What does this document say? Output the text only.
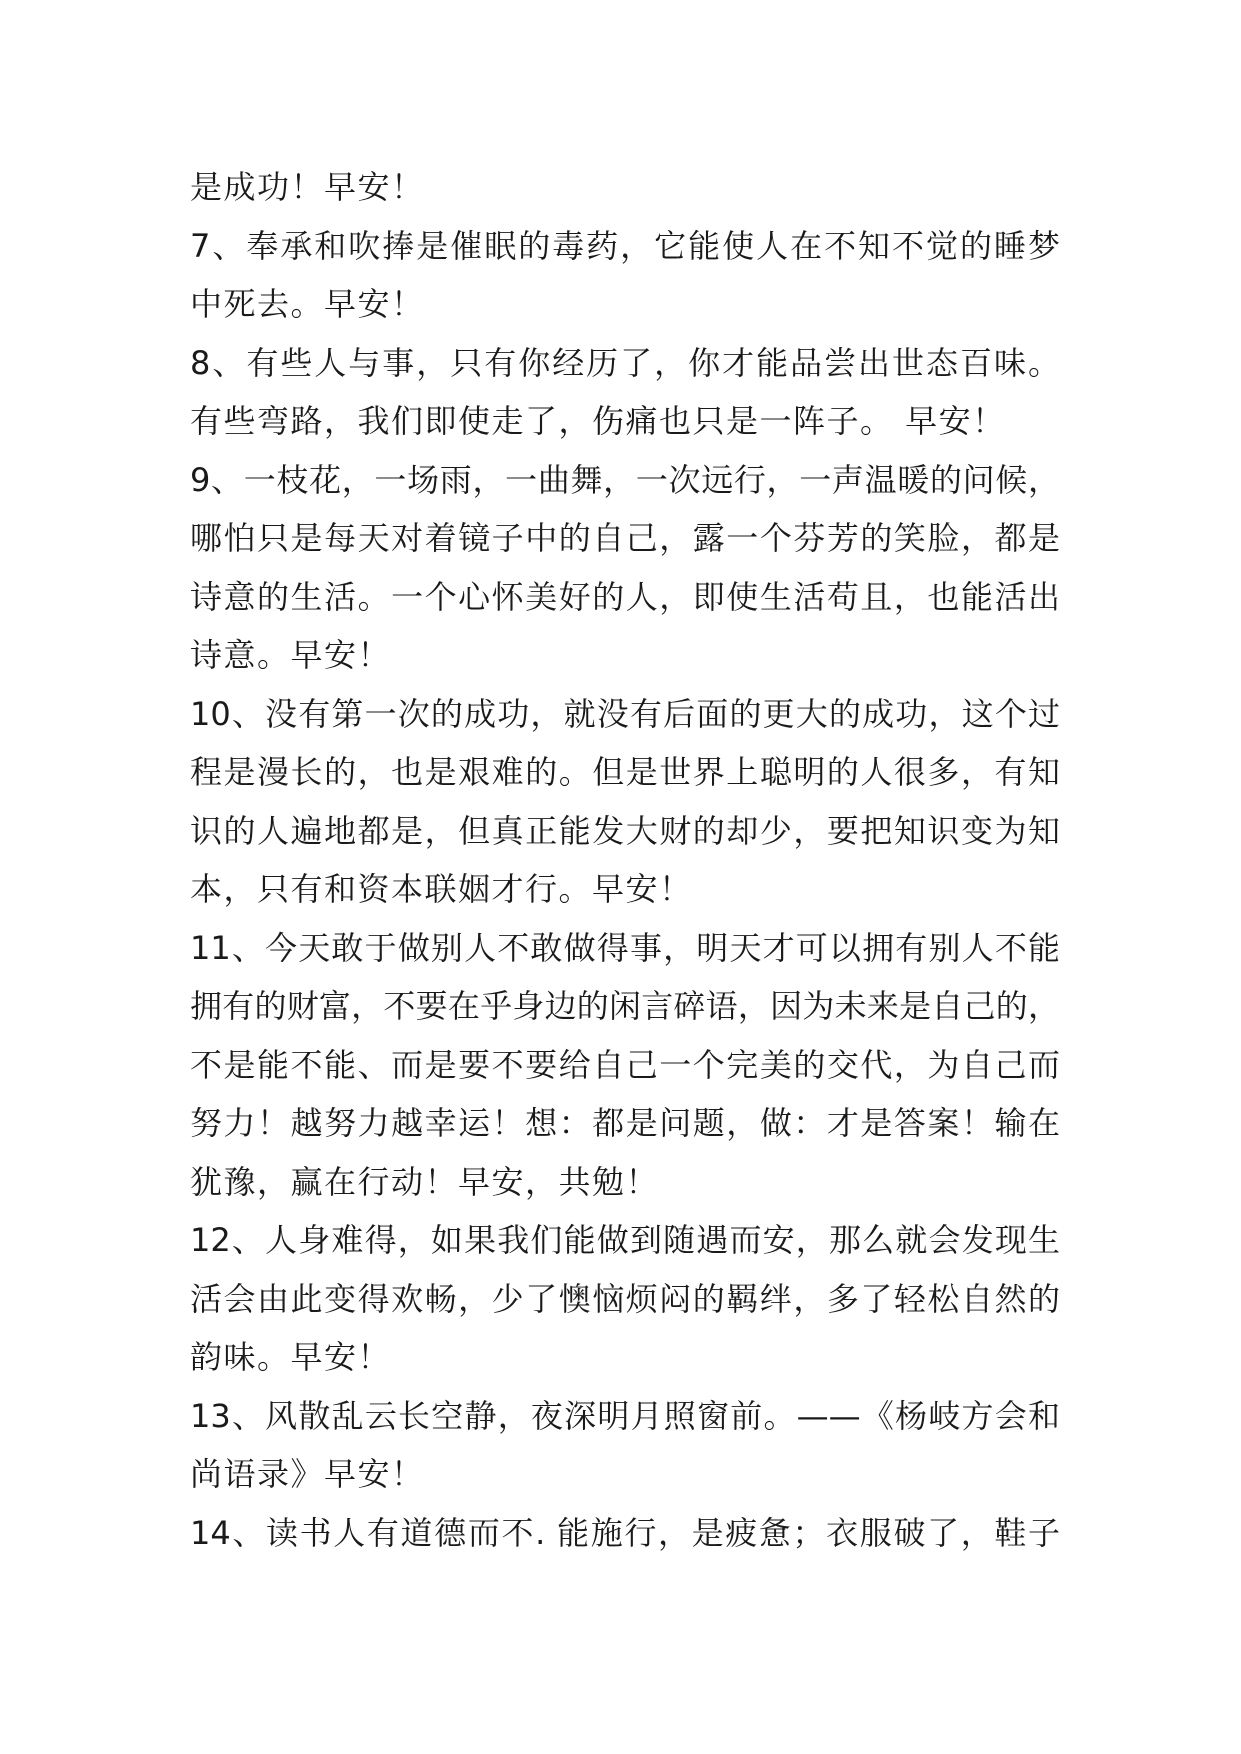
是成功！早安！
7、奉承和吹捧是催眠的毒药，它能使人在不知不觉的睡梦
中死去。早安！
8、有些人与事，只有你经历了，你才能品尝出世态百味。
有些弯路，我们即使走了，伤痛也只是一阵子。 早安！
9、一枝花，一场雨，一曲舞，一次远行，一声温暖的问候，
哪怕只是每天对着镜子中的自己，露一个芬芳的笑脸，都是
诗意的生活。一个心怀美好的人，即使生活苟且，也能活出
诗意。早安！
10、没有第一次的成功，就没有后面的更大的成功，这个过
程是漫长的，也是艰难的。但是世界上聪明的人很多，有知
识的人遍地都是，但真正能发大财的却少，要把知识变为知
本，只有和资本联姻才行。早安！
11、今天敢于做别人不敢做得事，明天才可以拥有别人不能
拥有的财富，不要在乎身边的闲言碎语，因为未来是自己的，
不是能不能、而是要不要给自己一个完美的交代，为自己而
努力！越努力越幸运！想：都是问题，做：才是答案！输在
犹豫，赢在行动！早安，共勉！
12、人身难得，如果我们能做到随遇而安，那么就会发现生
活会由此变得欢畅，少了懊恼烦闷的羁绊，多了轻松自然的
韵味。早安！
13、风散乱云长空静，夜深明月照窗前。——《杨岐方会和
尚语录》早安！
14、读书人有道德而不. 能施行，是疲惫；衣服破了，鞋子
